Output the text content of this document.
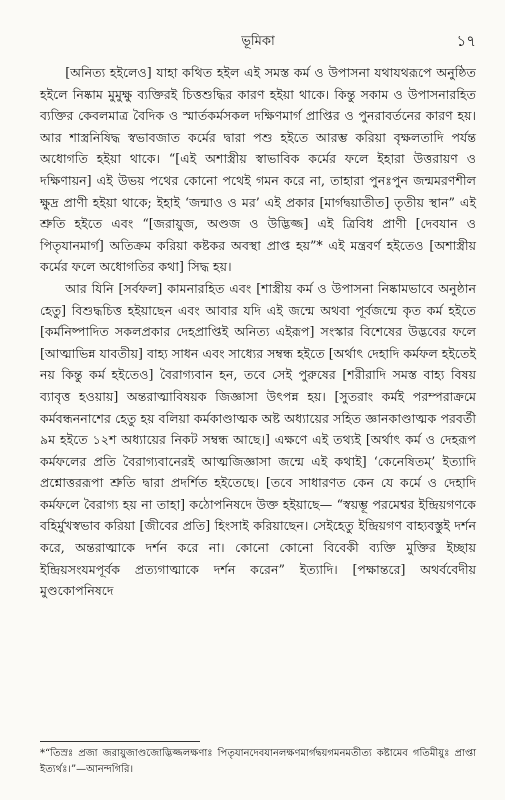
ভূমিকা	১৭

[অনিত্য হইলেও] যাহা কথিত হইল এই সমস্ত কর্ম ও উপাসনা যথাযথরূপে অনুষ্ঠিত হইলে নিষ্কাম মুমুক্ষু ব্যক্তিরই চিত্তশুদ্ধির কারণ হইয়া থাকে। কিন্তু সকাম ও উপাসনারহিত ব্যক্তির কেবলমাত্র বৈদিক ও স্মার্তকর্মসকল দক্ষিণমার্গ প্রাপ্তির ও পুনরাবর্তনের কারণ হয়। আর শাস্ত্রনিষিদ্ধ স্বভাবজাত কর্মের দ্বারা পশু হইতে আরম্ভ করিয়া বৃক্ষলতাদি পর্যন্ত অধোগতি হইয়া থাকে। “[এই অশাস্ত্রীয় স্বাভাবিক কর্মের ফলে ইহারা উত্তরায়ণ ও দক্ষিণায়ন] এই উভয় পথের কোনো পথেই গমন করে না, তাহারা পুনঃপুন জন্মমরণশীল ক্ষুদ্র প্রাণী হইয়া থাকে; ইহাই ‘জন্মাও ও মর’ এই প্রকার [মার্গদ্বয়াতীত] তৃতীয় স্থান” এই শ্রুতি হইতে এবং “[জরায়ুজ, অণ্ডজ ও উদ্ভিজ্জ] এই ত্রিবিধ প্রাণী [দেবযান ও পিতৃযানমার্গ] অতিক্রম করিয়া কষ্টকর অবস্থা প্রাপ্ত হয়”* এই মন্ত্রবর্ণ হইতেও [অশাস্ত্রীয় কর্মের ফলে অধোগতির কথা] সিদ্ধ হয়।

আর যিনি [সর্বফল] কামনারহিত এবং [শাস্ত্রীয় কর্ম ও উপাসনা নিষ্কামভাবে অনুষ্ঠান হেতু] বিশুদ্ধচিত্ত হইয়াছেন এবং আবার যদি এই জন্মে অথবা পূর্বজন্মে কৃত কর্ম হইতে [কর্মনিষ্পাদিত সকলপ্রকার দেহপ্রাপ্তিই অনিত্য এইরূপ] সংস্কার বিশেষের উদ্ভবের ফলে [আত্মাভিন্ন যাবতীয়] বাহ্য সাধন এবং সাধ্যের সম্বন্ধ হইতে [অর্থাৎ দেহাদি কর্মফল হইতেই নয় কিন্তু কর্ম হইতেও] বৈরাগ্যবান হন, তবে সেই পুরুষের [শরীরাদি সমস্ত বাহ্য বিষয় ব্যাবৃত্ত হওয়ায়] অন্তরাত্মাবিষয়ক জিজ্ঞাসা উৎপন্ন হয়। [সুতরাং কর্মই পরম্পরাক্রমে কর্মবন্ধননাশের হেতু হয় বলিয়া কর্মকাণ্ডাত্মক অষ্ট অধ্যায়ের সহিত জ্ঞানকাণ্ডাত্মক পরবর্তী ৯ম হইতে ১২শ অধ্যায়ের নিকট সম্বন্ধ আছে।] এক্ষণে এই তথ্যই [অর্থাৎ কর্ম ও দেহরূপ কর্মফলের প্রতি বৈরাগ্যবানেরই আত্মজিজ্ঞাসা জন্মে এই কথাই] ‘কেনেষিতম্’ ইত্যাদি প্রশ্নোত্তররূপা শ্রুতি দ্বারা প্রদর্শিত হইতেছে। [তবে সাধারণত কেন যে কর্মে ও দেহাদি কর্মফলে বৈরাগ্য হয় না তাহা] কঠোপনিষদে উক্ত হইয়াছে— “স্বয়ম্ভূ পরমেশ্বর ইন্দ্রিয়গণকে বহির্মুখস্বভাব করিয়া [জীবের প্রতি] হিংসাই করিয়াছেন। সেইহেতু ইন্দ্রিয়গণ বাহ্যবস্তুই দর্শন করে, অন্তরাত্মাকে দর্শন করে না। কোনো কোনো বিবেকী ব্যক্তি মুক্তির ইচ্ছায় ইন্দ্রিয়সংযমপূর্বক প্রত্যগাত্মাকে দর্শন করেন” ইত্যাদি। [পক্ষান্তরে] অথর্ববেদীয় মুণ্ডকোপনিষদে

*“তিস্রঃ প্রজা জরায়ুজাণ্ডজোদ্ভিজ্জলক্ষণাঃ পিতৃযানদেবযানলক্ষণমার্গদ্বয়গমনমতীত্য কষ্টামেব গতিমীয়ুঃ প্রাপ্তা ইত্যর্থঃ।”—আনন্দগিরি।
